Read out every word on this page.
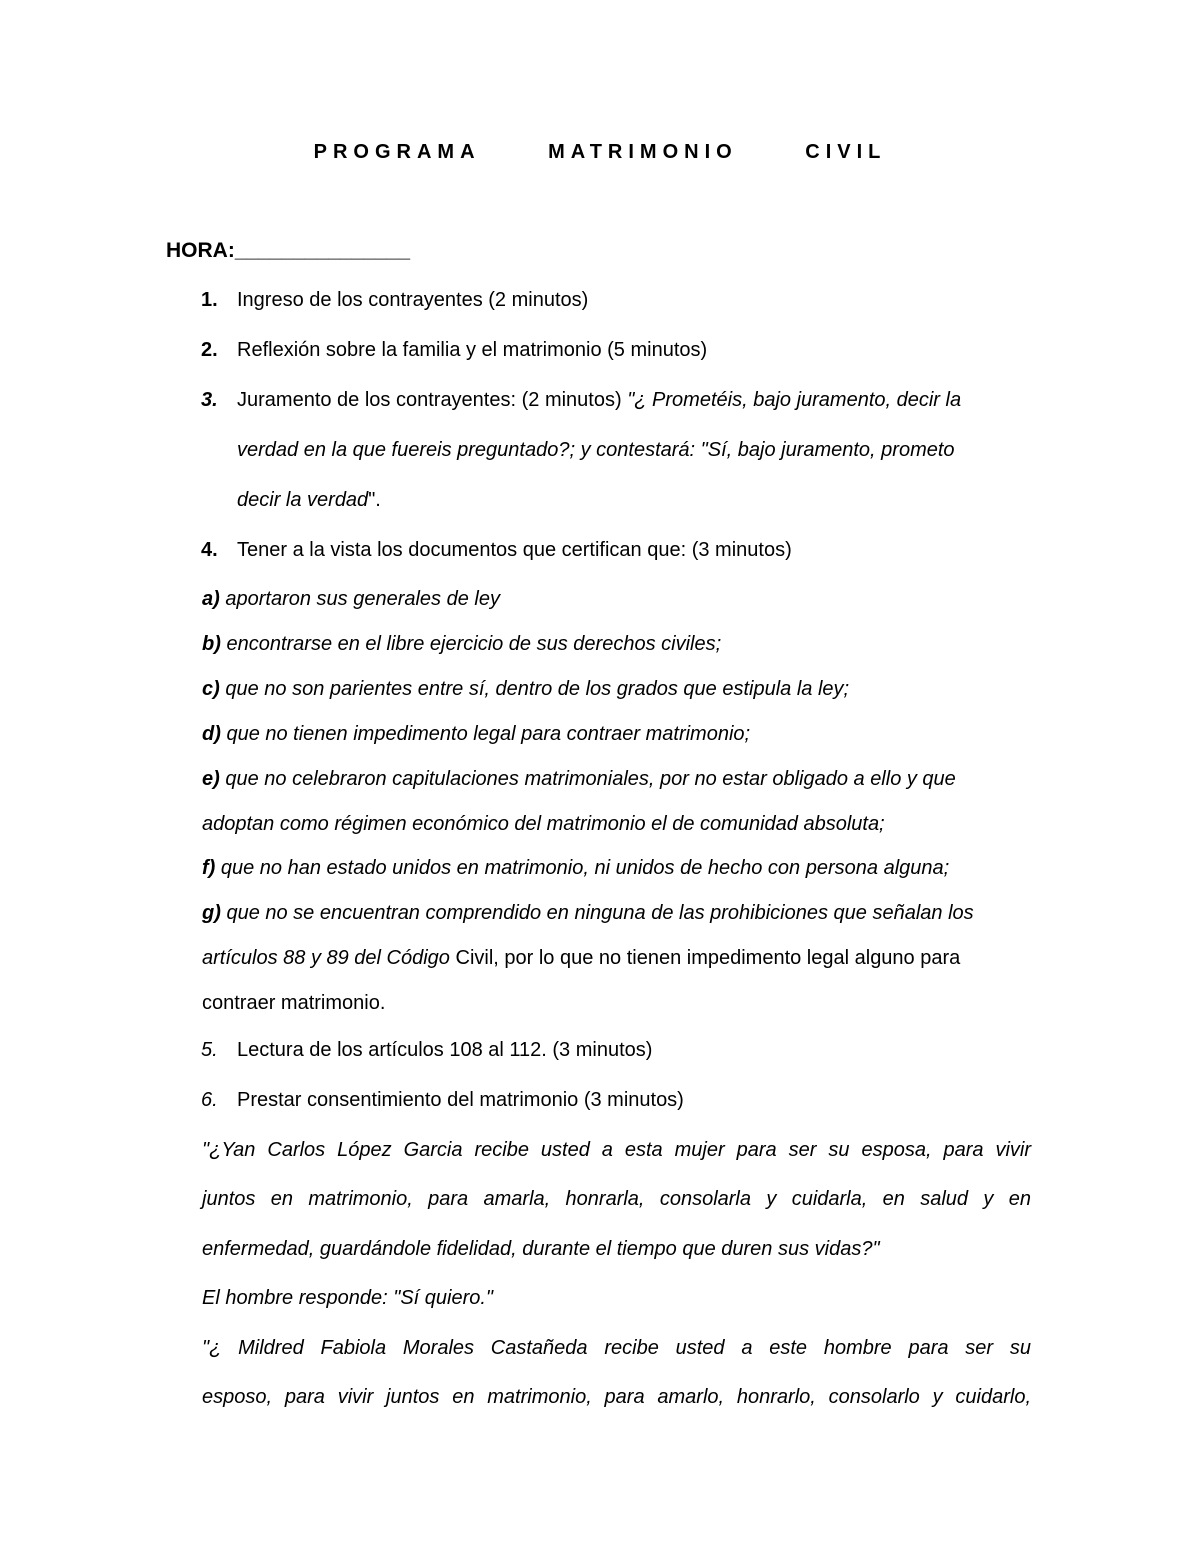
PROGRAMA	MATRIMONIO	CIVIL
HORA:_______________
1. Ingreso de los contrayentes (2 minutos)
2. Reflexión sobre la familia y el matrimonio (5 minutos)
3. Juramento de los contrayentes: (2 minutos) "¿ Prometéis, bajo juramento, decir la
verdad en la que fuereis preguntado?; y contestará: "Sí, bajo juramento, prometo
decir la verdad".
4. Tener a la vista los documentos que certifican que: (3 minutos)
a) aportaron sus generales de ley
b) encontrarse en el libre ejercicio de sus derechos civiles;
c) que no son parientes entre sí, dentro de los grados que estipula la ley;
d) que no tienen impedimento legal para contraer matrimonio;
e) que no celebraron capitulaciones matrimoniales, por no estar obligado a ello y que
adoptan como régimen económico del matrimonio el de comunidad absoluta;
f) que no han estado unidos en matrimonio, ni unidos de hecho con persona alguna;
g) que no se encuentran comprendido en ninguna de las prohibiciones que señalan los
artículos 88 y 89 del Código Civil, por lo que no tienen impedimento legal alguno para
contraer matrimonio.
5. Lectura de los artículos 108 al 112. (3 minutos)
6. Prestar consentimiento del matrimonio (3 minutos)
"¿Yan Carlos López Garcia recibe usted a esta mujer para ser su esposa, para vivir
juntos en matrimonio, para amarla, honrarla, consolarla y cuidarla, en salud y en
enfermedad, guardándole fidelidad, durante el tiempo que duren sus vidas?"
El hombre responde: "Sí quiero."
"¿ Mildred Fabiola Morales Castañeda recibe usted a este hombre para ser su
esposo, para vivir juntos en matrimonio, para amarlo, honrarlo, consolarlo y cuidarlo,
